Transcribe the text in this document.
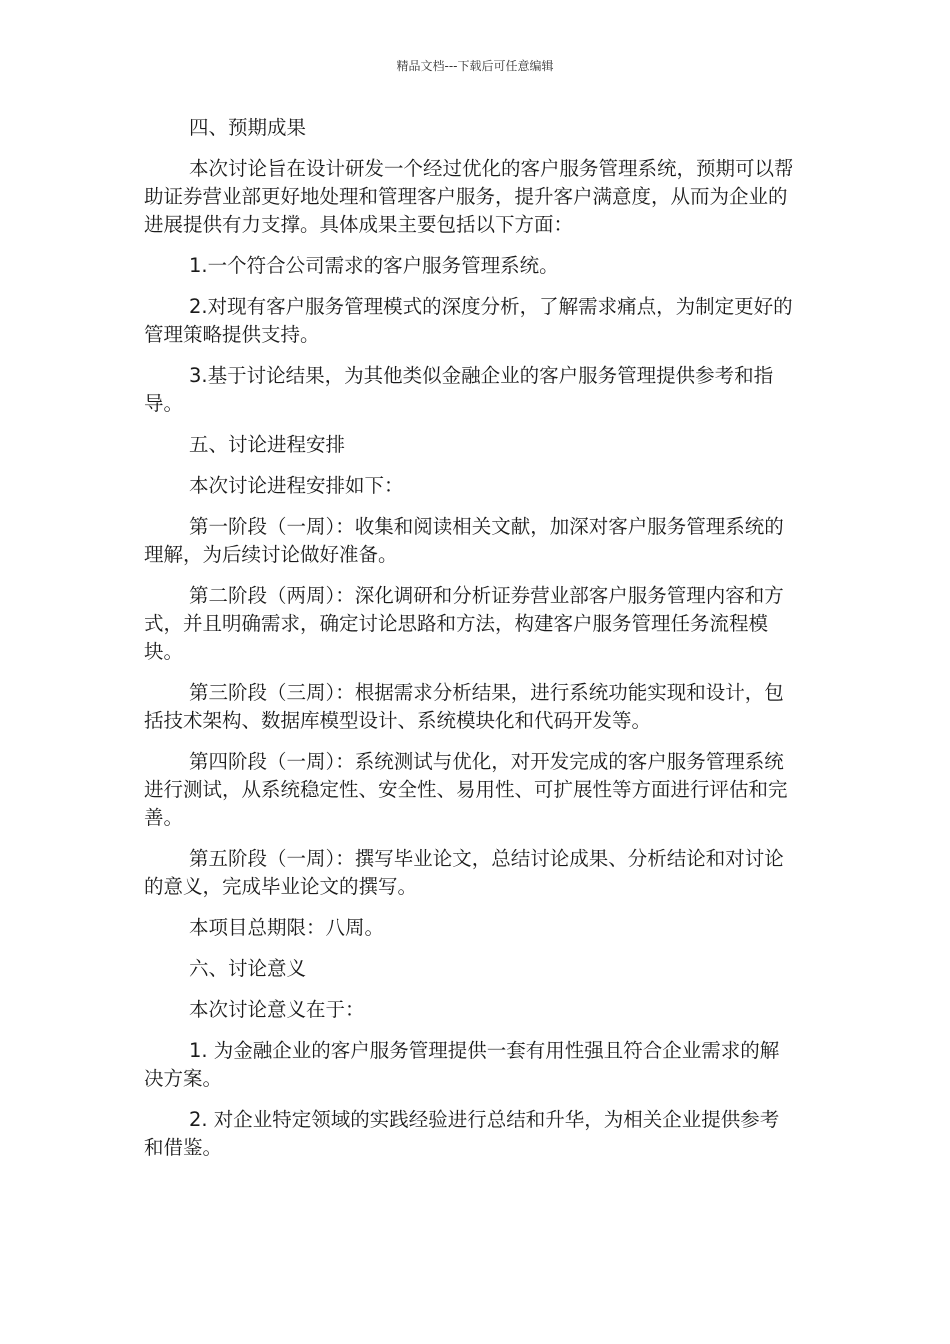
精品文档---下载后可任意编辑

四、预期成果

本次讨论旨在设计研发一个经过优化的客户服务管理系统，预期可以帮助证券营业部更好地处理和管理客户服务，提升客户满意度，从而为企业的进展提供有力支撑。具体成果主要包括以下方面：

1.一个符合公司需求的客户服务管理系统。

2.对现有客户服务管理模式的深度分析，了解需求痛点，为制定更好的管理策略提供支持。

3.基于讨论结果，为其他类似金融企业的客户服务管理提供参考和指导。

五、讨论进程安排

本次讨论进程安排如下：

第一阶段（一周）：收集和阅读相关文献，加深对客户服务管理系统的理解，为后续讨论做好准备。

第二阶段（两周）：深化调研和分析证券营业部客户服务管理内容和方式，并且明确需求，确定讨论思路和方法，构建客户服务管理任务流程模块。

第三阶段（三周）：根据需求分析结果，进行系统功能实现和设计，包括技术架构、数据库模型设计、系统模块化和代码开发等。

第四阶段（一周）：系统测试与优化，对开发完成的客户服务管理系统进行测试，从系统稳定性、安全性、易用性、可扩展性等方面进行评估和完善。

第五阶段（一周）：撰写毕业论文，总结讨论成果、分析结论和对讨论的意义，完成毕业论文的撰写。

本项目总期限：八周。

六、讨论意义

本次讨论意义在于：

1. 为金融企业的客户服务管理提供一套有用性强且符合企业需求的解决方案。

2. 对企业特定领域的实践经验进行总结和升华，为相关企业提供参考和借鉴。
